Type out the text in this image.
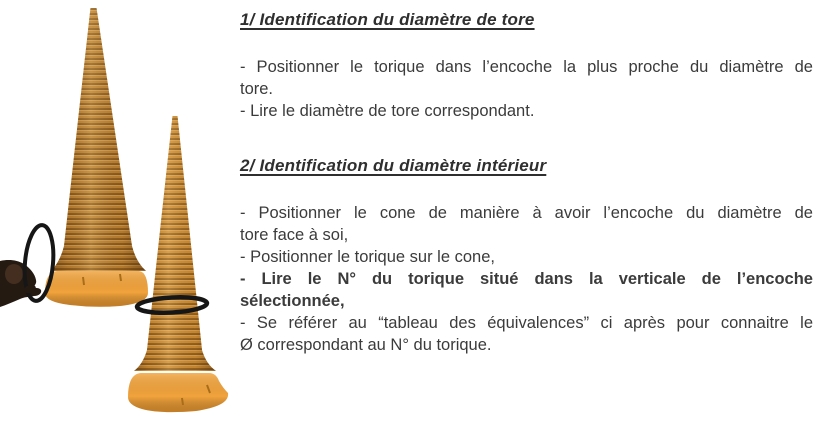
1/ Identification du diamètre de tore

- Positionner le torique dans l’encoche la plus proche du diamètre de
tore.

- Lire le diamètre de tore correspondant.

2/ Identification du diamètre intérieur

- Positionner le cone de manière à avoir l’encoche du diamètre de
tore face à soi,

- Positionner le torique sur le cone,

- Lire le N° du torique situé dans la verticale de l’encoche
sélectionnée,

- Se référer au “tableau des équivalences” ci après pour connaitre le
Ø correspondant au N° du torique.
